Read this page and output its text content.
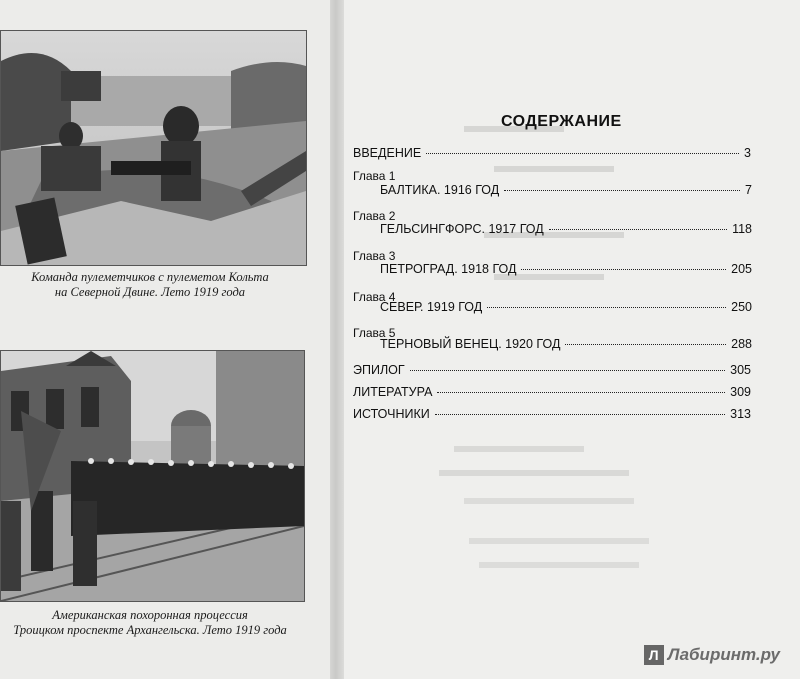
Команда пулеметчиков с пулеметом Кольта
на Северной Двине. Лето 1919 года
Американская похоронная процессия
Троицком проспекте Архангельска. Лето 1919 года
СОДЕРЖАНИЕ
ВВЕДЕНИЕ	3
Глава 1
БАЛТИКА. 1916 ГОД	7
Глава 2
ГЕЛЬСИНГФОРС. 1917 ГОД	118
Глава 3
ПЕТРОГРАД. 1918 ГОД	205
Глава 4
СЕВЕР. 1919 ГОД	250
Глава 5
ТЕРНОВЫЙ ВЕНЕЦ. 1920 ГОД	288
ЭПИЛОГ	305
ЛИТЕРАТУРА	309
ИСТОЧНИКИ	313
Л Лабиринт.ру
